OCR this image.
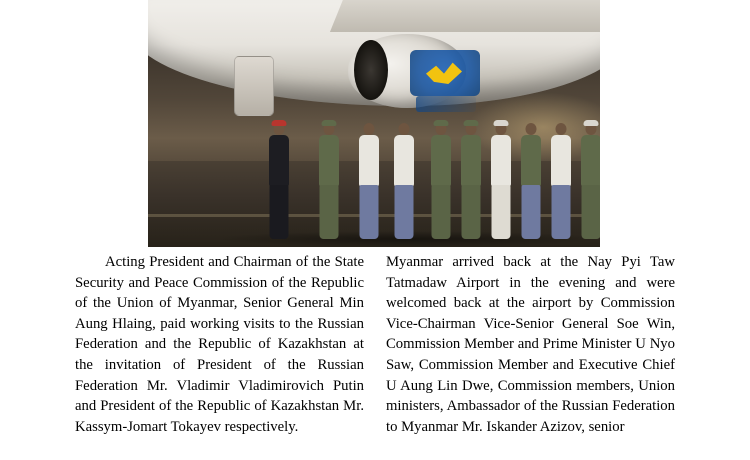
Acting President and Chairman of the State Security and Peace Commission of the Republic of the Union of Myanmar, Senior General Min Aung Hlaing, paid working visits to the Russian Federation and the Republic of Kazakhstan at the invitation of President of the Russian Federation Mr. Vladimir Vladimirovich Putin and President of the Republic of Kazakhstan Mr. Kassym-Jomart Tokayev respectively.

Myanmar arrived back at the Nay Pyi Taw Tatmadaw Airport in the evening and were welcomed back at the airport by Commission Vice-Chairman Vice-Senior General Soe Win, Commission Member and Prime Minister U Nyo Saw, Commission Member and Executive Chief U Aung Lin Dwe, Commission members, Union ministers, Ambassador of the Russian Federation to Myanmar Mr. Iskander Azizov, senior
